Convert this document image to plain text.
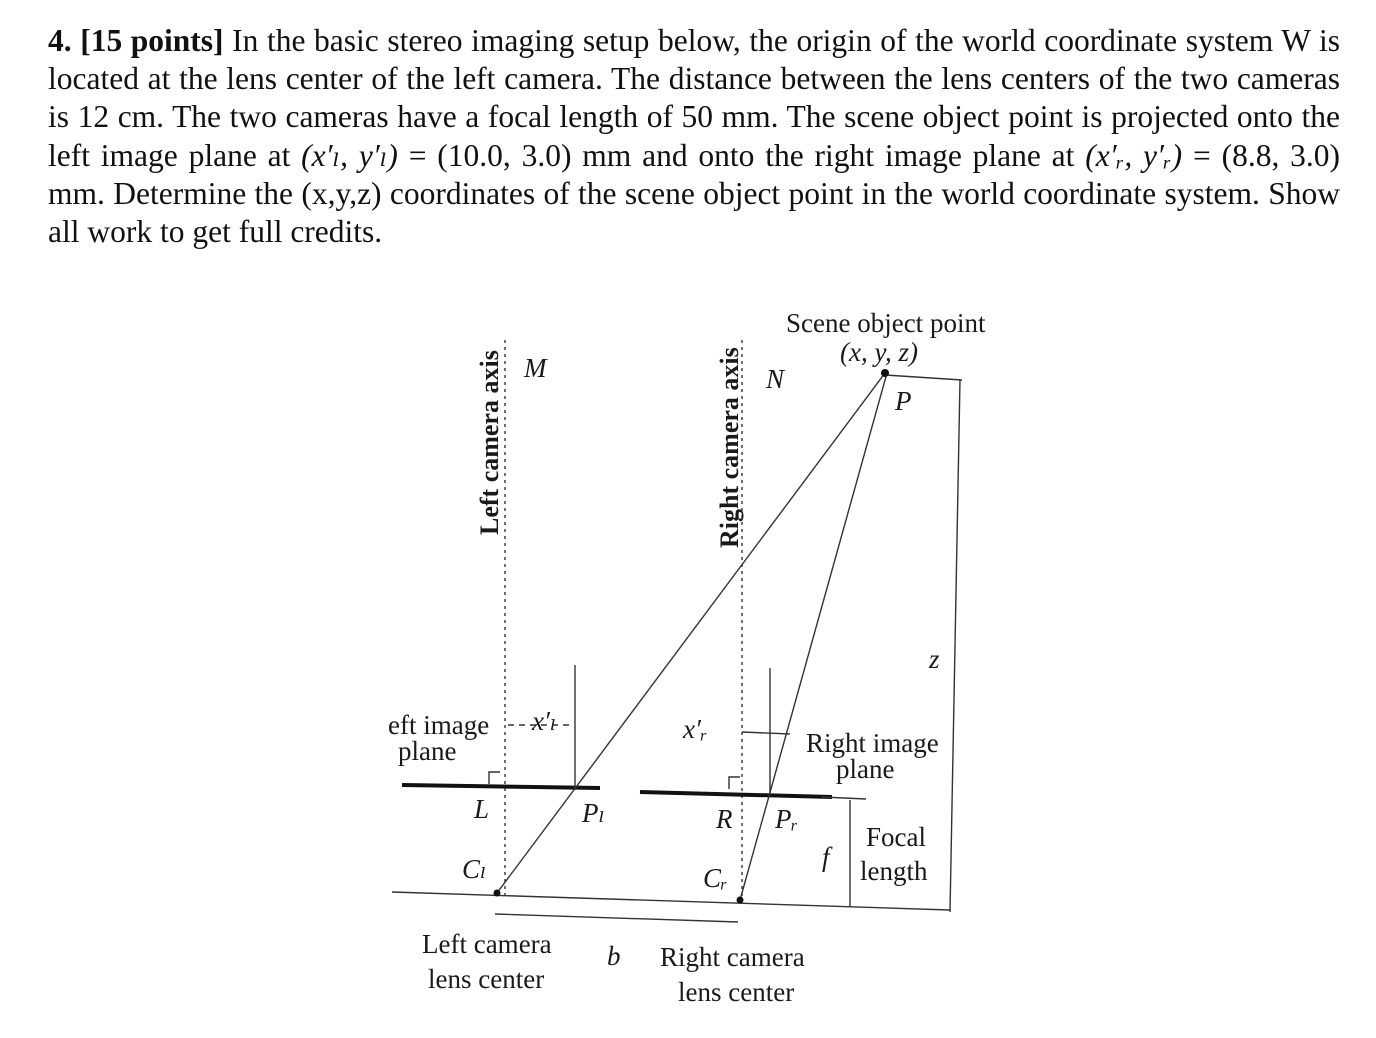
4. [15 points] In the basic stereo imaging setup below, the origin of the world coordinate system W is located at the lens center of the left camera. The distance between the lens centers of the two cameras is 12 cm. The two cameras have a focal length of 50 mm. The scene object point is projected onto the left image plane at (x′ₗ, y′ₗ) = (10.0, 3.0) mm and onto the right image plane at (x′ᵣ, y′ᵣ) = (8.8, 3.0) mm. Determine the (x,y,z) coordinates of the scene object point in the world coordinate system. Show all work to get full credits.
Left camera axis	Right camera axis
M	N
Scene object point
(x, y, z)
P
z
eft image
plane
x′ₗ	x′ᵣ	Right image
plane
L	R
Pₗ	Pᵣ
Cₗ	Cᵣ
f
Focal
length
Left camera
lens center
b Right camera
lens center
